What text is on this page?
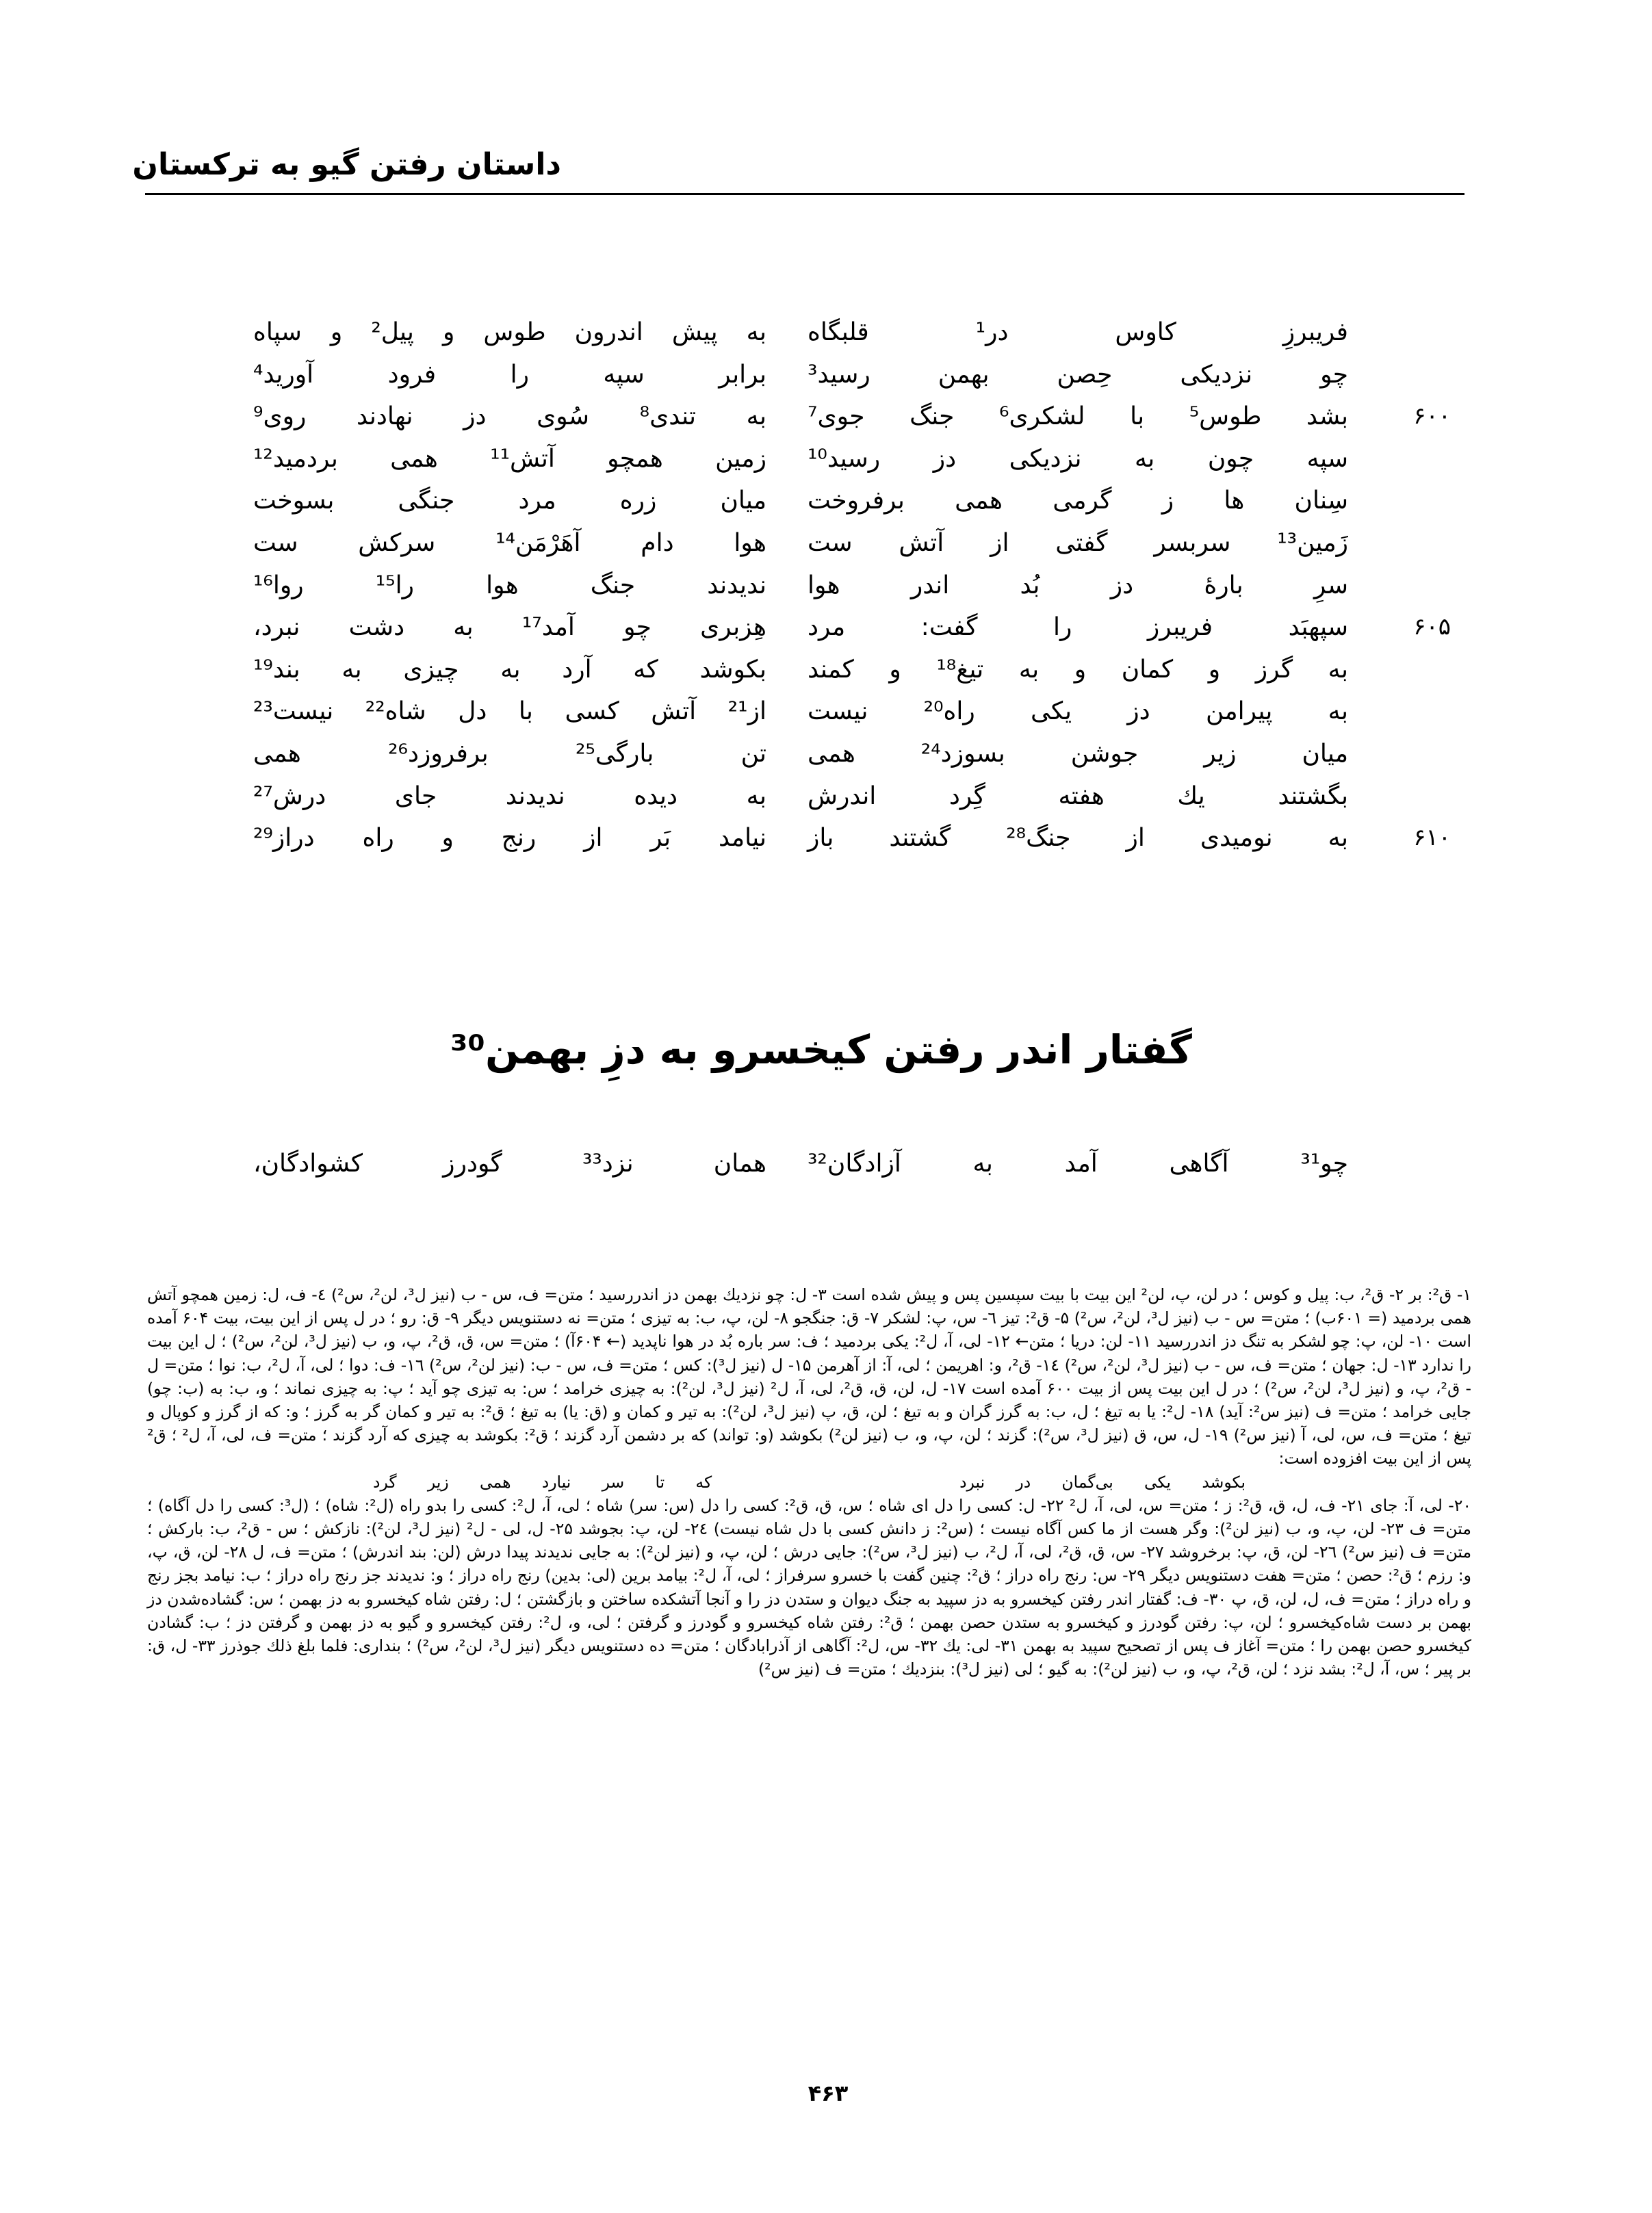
داستان رفتن گیو به ترکستان
فریبرزِ کاوس در¹ قلبگاه
به پیش اندرون طوس و پیل² و سپاه
چو نزدیکی حِصن بهمن رسید³
برابر سپه را فرود آورید⁴
۶۰۰
بشد طوس⁵ با لشکری⁶ جنگ جوی⁷
به تندی⁸ سُوی دز نهادند روی⁹
سپه چون به نزدیکی دز رسید¹⁰
زمین همچو آتش¹¹ همی بردمید¹²
سِنان ها ز گرمی همی برفروخت
میان زره مرد جنگی بسوخت
زَمین¹³ سربسر گفتی از آتش ست
هوا دام آهَرْمَن¹⁴ سرکش ست
سرِ بارهٔ دز بُد اندر هوا
ندیدند جنگ هوا را¹⁵ روا¹⁶
۶۰۵
سپهبَد فریبرز را گفت: مرد
هِزبری چو آمد¹⁷ به دشت نبرد،
به گرز و کمان و به تیغ¹⁸ و کمند
بکوشد که آرد به چیزی به بند¹⁹
به پیرامن دز یکی راه²⁰ نیست
از²¹ آتش کسی با دل شاه²² نیست²³
میان زیر جوشن بسوزد²⁴ همی
تن بارگی²⁵ برفروزد²⁶ همی
بگشتند یك هفته گِرد اندرش
به دیده ندیدند جای درش²⁷
۶۱۰
به نومیدی از جنگ²⁸ گشتند باز
نیامد بَر از رنج و راه دراز²⁹
گفتار اندر رفتن کیخسرو به دزِ بهمن³⁰
چو³¹ آگاهی آمد به آزادگان³²
همان نزد³³ گودرز کشوادگان،

۱- ق²: بر ۲- ق²، ب: پیل و کوس ؛ در لن، پ، لن² این بیت با بیت سپسین پس و پیش شده است ۳- ل: چو نزدیك بهمن دز اندررسید ؛ متن= ف، س - ب (نیز ل³، لن²، س²) ٤- ف، ل: زمین همچو آتش همی بردمید (= ۶۰۱ب) ؛ متن= س - ب (نیز ل³، لن²، س²) ۵- ق²: تیز ٦- س، پ: لشکر ۷- ق: جنگجو ۸- لن، پ، ب: به تیزی ؛ متن= نه دستنویس دیگر ۹- ق: رو ؛ در ل پس از این بیت، بیت ۶۰۴ آمده است ۱۰- لن، پ: چو لشکر به تنگ دز اندررسید ۱۱- لن: دریا ؛ متن← ۱۲- لی، آ، ل²: یکی بردمید ؛ ف: سر باره بُد در هوا ناپدید (← ۶۰۴آ) ؛ متن= س، ق، ق²، پ، و، ب (نیز ل³، لن²، س²) ؛ ل این بیت را ندارد ۱۳- ل: جهان ؛ متن= ف، س - ب (نیز ل³، لن²، س²) ۱٤- ق²، و: اهریمن ؛ لی، آ: از آهرمن ۱۵- ل (نیز ل³): کس ؛ متن= ف، س - ب: (نیز لن²، س²) ۱٦- ف: دوا ؛ لی، آ، ل²، ب: نوا ؛ متن= ل - ق²، پ، و (نیز ل³، لن²، س²) ؛ در ل این بیت پس از بیت ۶۰۰ آمده است ۱۷- ل، لن، ق، ق²، لی، آ، ل² (نیز ل³، لن²): به چیزی خرامد ؛ س: به تیزی چو آید ؛ پ: به چیزی نماند ؛ و، ب: به (ب: چو) جایی خرامد ؛ متن= ف (نیز س²: آید) ۱۸- ل²: یا به تیغ ؛ ل، ب: به گرز گران و به تیغ ؛ لن، ق، پ (نیز ل³، لن²): به تیر و کمان و (ق: یا) به تیغ ؛ ق²: به تیر و کمان گر به گرز ؛ و: که از گرز و کوپال و تیغ ؛ متن= ف، س، لی، آ (نیز س²) ۱۹- ل، س، ق (نیز ل³، س²): گزند ؛ لن، پ، و، ب (نیز لن²) بکوشد (و: تواند) که بر دشمن آرد گزند ؛ ق²: بکوشد به چیزی که آرد گزند ؛ متن= ف، لی، آ، ل² ؛ ق² پس از این بیت افزوده است:

بکوشد یکی بی‌گمان در نبرد        که تا سر نیارد همی زیر گرد

۲۰- لی، آ: جای ۲۱- ف، ل، ق، ق²: ز ؛ متن= س، لی، آ، ل² ۲۲- ل: کسی را دل ای شاه ؛ س، ق، ق²: کسی را دل (س: سر) شاه ؛ لی، آ، ل²: کسی را بدو راه (ل²: شاه) ؛ (ل³: کسی را دل آگاه) ؛ متن= ف ۲۳- لن، پ، و، ب (نیز لن²): وگر هست از ما کس آگاه نیست ؛ (س²: ز دانش کسی با دل شاه نیست) ۲٤- لن، پ: بجوشد ۲۵- ل، لی - ل² (نیز ل³، لن²): نازکش ؛ س - ق²، ب: بارکش ؛ متن= ف (نیز س²) ۲٦- لن، ق، پ: برخروشد ۲۷- س، ق، ق²، لی، آ، ل²، ب (نیز ل³، س²): جایی درش ؛ لن، پ، و (نیز لن²): به جایی ندیدند پیدا درش (لن: بند اندرش) ؛ متن= ف، ل ۲۸- لن، ق، پ، و: رزم ؛ ق²: حصن ؛ متن= هفت دستنویس دیگر ۲۹- س: رنج راه دراز ؛ ق²: چنین گفت با خسرو سرفراز ؛ لی، آ، ل²: بیامد برین (لی: بدین) رنج راه دراز ؛ و: ندیدند جز رنج راه دراز ؛ ب: نیامد بجز رنج و راه دراز ؛ متن= ف، ل، لن، ق، پ ۳۰- ف: گفتار اندر رفتن کیخسرو به دز سپید به جنگ دیوان و ستدن دز را و آنجا آتشکده ساختن و بازگشتن ؛ ل: رفتن شاه کیخسرو به دز بهمن ؛ س: گشاده‌شدن دز بهمن بر دست شاه‌کیخسرو ؛ لن، پ: رفتن گودرز و کیخسرو به ستدن حصن بهمن ؛ ق²: رفتن شاه کیخسرو و گودرز و گرفتن ؛ لی، و، ل²: رفتن کیخسرو و گیو به دز بهمن و گرفتن دز ؛ ب: گشادن کیخسرو حصن بهمن را ؛ متن= آغاز ف پس از تصحیح سپید به بهمن ۳۱- لی: یك ۳۲- س، ل²: آگاهی از آذرابادگان ؛ متن= ده دستنویس دیگر (نیز ل³، لن²، س²) ؛ بنداری: فلما بلغ ذلك جوذرز ۳۳- ل، ق: بر پیر ؛ س، آ، ل²: بشد نزد ؛ لن، ق²، پ، و، ب (نیز لن²): به گیو ؛ لی (نیز ل³): بنزدیك ؛ متن= ف (نیز س²)

۴۶۳
